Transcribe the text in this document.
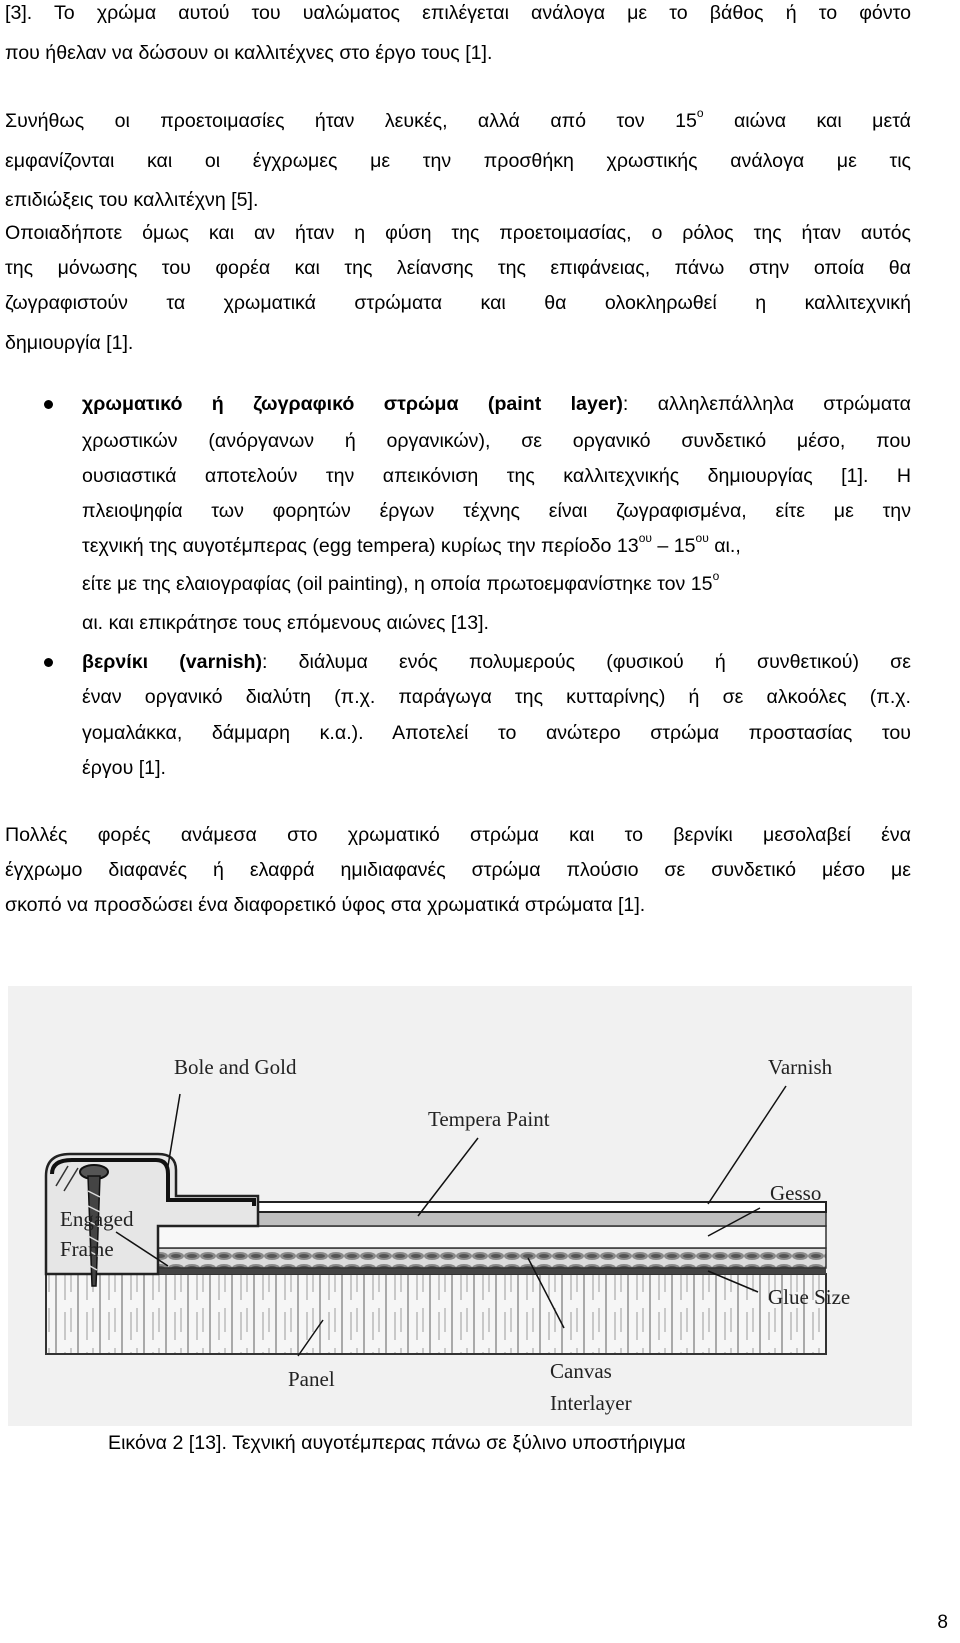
[3]. Το χρώμα αυτού του υαλώματος επιλέγεται ανάλογα με το βάθος ή το φόντο
που ήθελαν να δώσουν οι καλλιτέχνες στο έργο τους [1].
Συνήθως οι προετοιμασίες ήταν λευκές, αλλά από τον $15^o$ αιώνα και μετά
εμφανίζονται και οι έγχρωμες με την προσθήκη χρωστικής ανάλογα με τις
επιδιώξεις του καλλιτέχνη [5].
Οποιαδήποτε όμως και αν ήταν η φύση της προετοιμασίας, ο ρόλος της ήταν αυτός
της μόνωσης του φορέα και της λείανσης της επιφάνειας, πάνω στην οποία θα
ζωγραφιστούν τα χρωματικά στρώματα και θα ολοκληρωθεί η καλλιτεχνική
δημιουργία [1].
χρωματικό ή ζωγραφικό στρώμα (paint layer): αλληλεπάλληλα στρώματα
χρωστικών (ανόργανων ή οργανικών), σε οργανικό συνδετικό μέσο, που
ουσιαστικά αποτελούν την απεικόνιση της καλλιτεχνικής δημιουργίας [1]. Η
πλειοψηφία των φορητών έργων τέχνης είναι ζωγραφισμένα, είτε με την
τεχνική της αυγοτέμπερας (egg tempera) κυρίως την περίοδο $13^{o\upsilon} - 15^{o\upsilon}$ αι.,
είτε με της ελαιογραφίας (oil painting), η οποία πρωτοεμφανίστηκε τον $15^o$
αι. και επικράτησε τους επόμενους αιώνες [13].
βερνίκι (varnish): διάλυμα ενός πολυμερούς (φυσικού ή συνθετικού) σε
έναν οργανικό διαλύτη (π.χ. παράγωγα της κυτταρίνης) ή σε αλκοόλες (π.χ.
γομαλάκκα, δάμμαρη κ.α.). Αποτελεί το ανώτερο στρώμα προστασίας του
έργου [1].
Πολλές φορές ανάμεσα στο χρωματικό στρώμα και το βερνίκι μεσολαβεί ένα
έγχρωμο διαφανές ή ελαφρά ημιδιαφανές στρώμα πλούσιο σε συνδετικό μέσο με
σκοπό να προσδώσει ένα διαφορετικό ύφος στα χρωματικά στρώματα [1].
Bole and Gold	Varnish
Tempera Paint
Gesso
Engaged
Frame
Glue Size
Panel	Canvas
Interlayer
Εικόνα 2 [13]. Τεχνική αυγοτέμπερας πάνω σε ξύλινο υποστήριγμα
8
